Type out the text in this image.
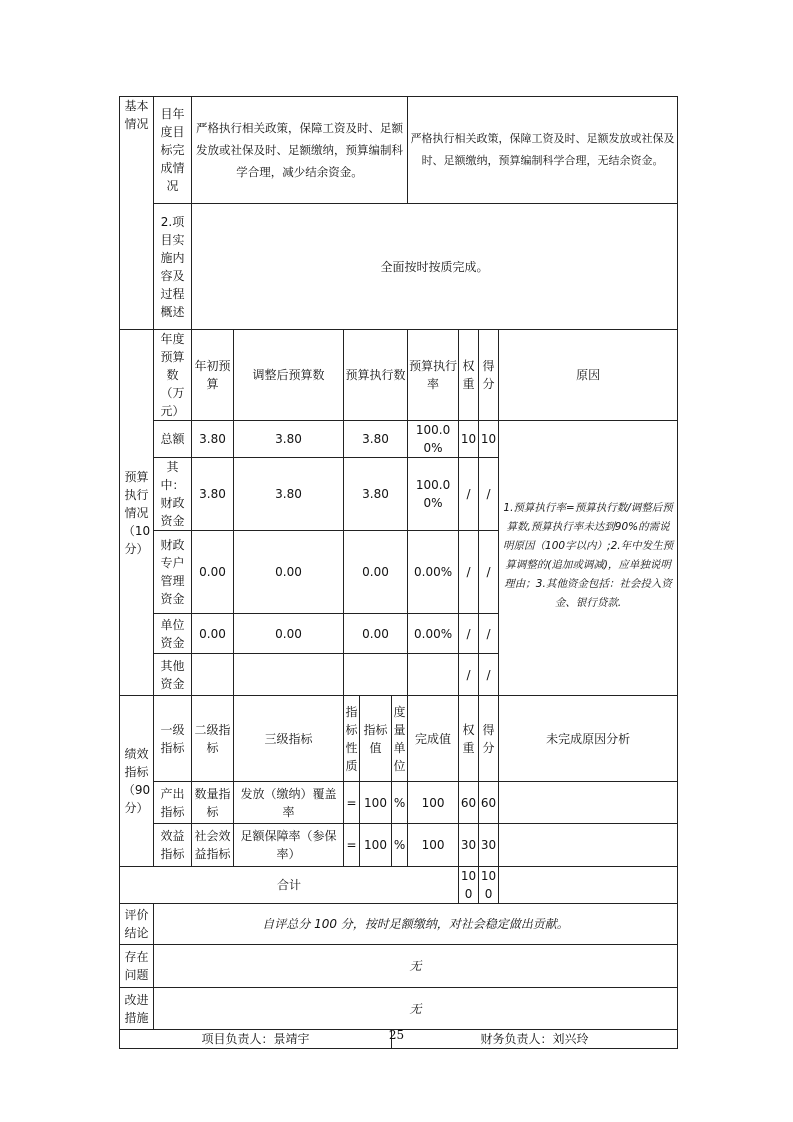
基本情况	目年度目标完成情况	严格执行相关政策，保障工资及时、足额发放或社保及时、足额缴纳，预算编制科学合理，减少结余资金。					严格执行相关政策，保障工资及时、足额发放或社保及时、足额缴纳，预算编制科学合理，无结余资金。			
	2.项目实施内容及过程概述	全面按时按质完成。								
预算执行情况（10分）	年度预算数（万元）	年初预算	调整后预算数	预算执行数			预算执行率	权重	得分	原因
	总额	3.80	3.80	3.80			100.00%	10	10	
	其中：财政资金	3.80	3.80	3.80			100.00%	/	/	1.预算执行率=预算执行数/调整后预算数,预算执行率未达到90%的需说明原因（100字以内）;2.年中发生预算调整的(追加或调减)，应单独说明理由；3.其他资金包括：社会投入资金、银行贷款.
	财政专户管理资金	0.00	0.00	0.00			0.00%	/	/	
	单位资金	0.00	0.00	0.00			0.00%	/	/	
	其他资金							/	/	
绩效指标（90分）	一级指标	二级指标	三级指标	指标性质	指标值	度量单位	完成值	权重	得分	未完成原因分析
	产出指标	数量指标	发放（缴纳）覆盖率	=	100	%	100	60	60	
	效益指标	社会效益指标	足额保障率（参保率）	=	100	%	100	30	30	
合计								100	100	
评价结论	自评总分 100 分，按时足额缴纳，对社会稳定做出贡献。									
存在问题	无									
改进措施	无									
项目负责人：景靖宇						财务负责人：刘兴玲				
25
